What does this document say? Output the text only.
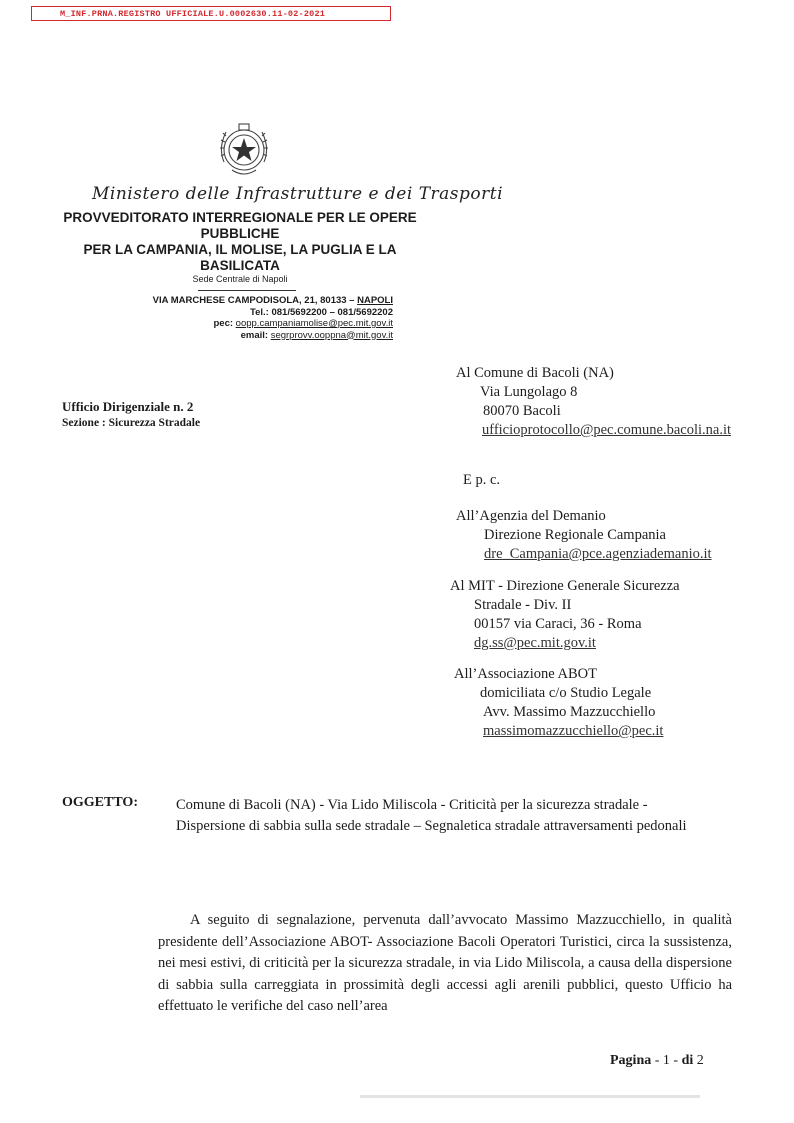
M_INF.PRNA.REGISTRO UFFICIALE.U.0002630.11-02-2021
Ministero delle Infrastrutture e dei Trasporti
PROVVEDITORATO INTERREGIONALE PER LE OPERE
PUBBLICHE
PER LA CAMPANIA, IL MOLISE, LA PUGLIA E LA
BASILICATA
Sede Centrale di Napoli
VIA MARCHESE CAMPODISOLA, 21, 80133 – NAPOLI
Tel.: 081/5692200 – 081/5692202
pec: oopp.campaniamolise@pec.mit.gov.it
email: segrprovv.ooppna@mit.gov.it
Ufficio Dirigenziale n. 2
Sezione : Sicurezza Stradale
Al Comune di Bacoli (NA)
Via Lungolago 8
80070 Bacoli
ufficioprotocollo@pec.comune.bacoli.na.it
E p. c.
All’Agenzia del Demanio
Direzione Regionale Campania
dre_Campania@pce.agenziademanio.it
Al MIT - Direzione Generale Sicurezza
Stradale - Div. II
00157 via Caraci, 36 - Roma
dg.ss@pec.mit.gov.it
All’Associazione ABOT
domiciliata c/o Studio Legale
Avv. Massimo Mazzucchiello
massimomazzucchiello@pec.it
OGGETTO:	Comune di Bacoli (NA) - Via Lido Miliscola - Criticità per la sicurezza stradale - Dispersione di sabbia sulla sede stradale – Segnaletica stradale attraversamenti pedonali

A seguito di segnalazione, pervenuta dall’avvocato Massimo Mazzucchiello, in qualità presidente dell’Associazione ABOT- Associazione Bacoli Operatori Turistici, circa la sussistenza, nei mesi estivi, di criticità per la sicurezza stradale, in via Lido Miliscola, a causa della dispersione di sabbia sulla carreggiata in prossimità degli accessi agli arenili pubblici, questo Ufficio ha effettuato le verifiche del caso nell’area

Pagina - 1 - di 2
